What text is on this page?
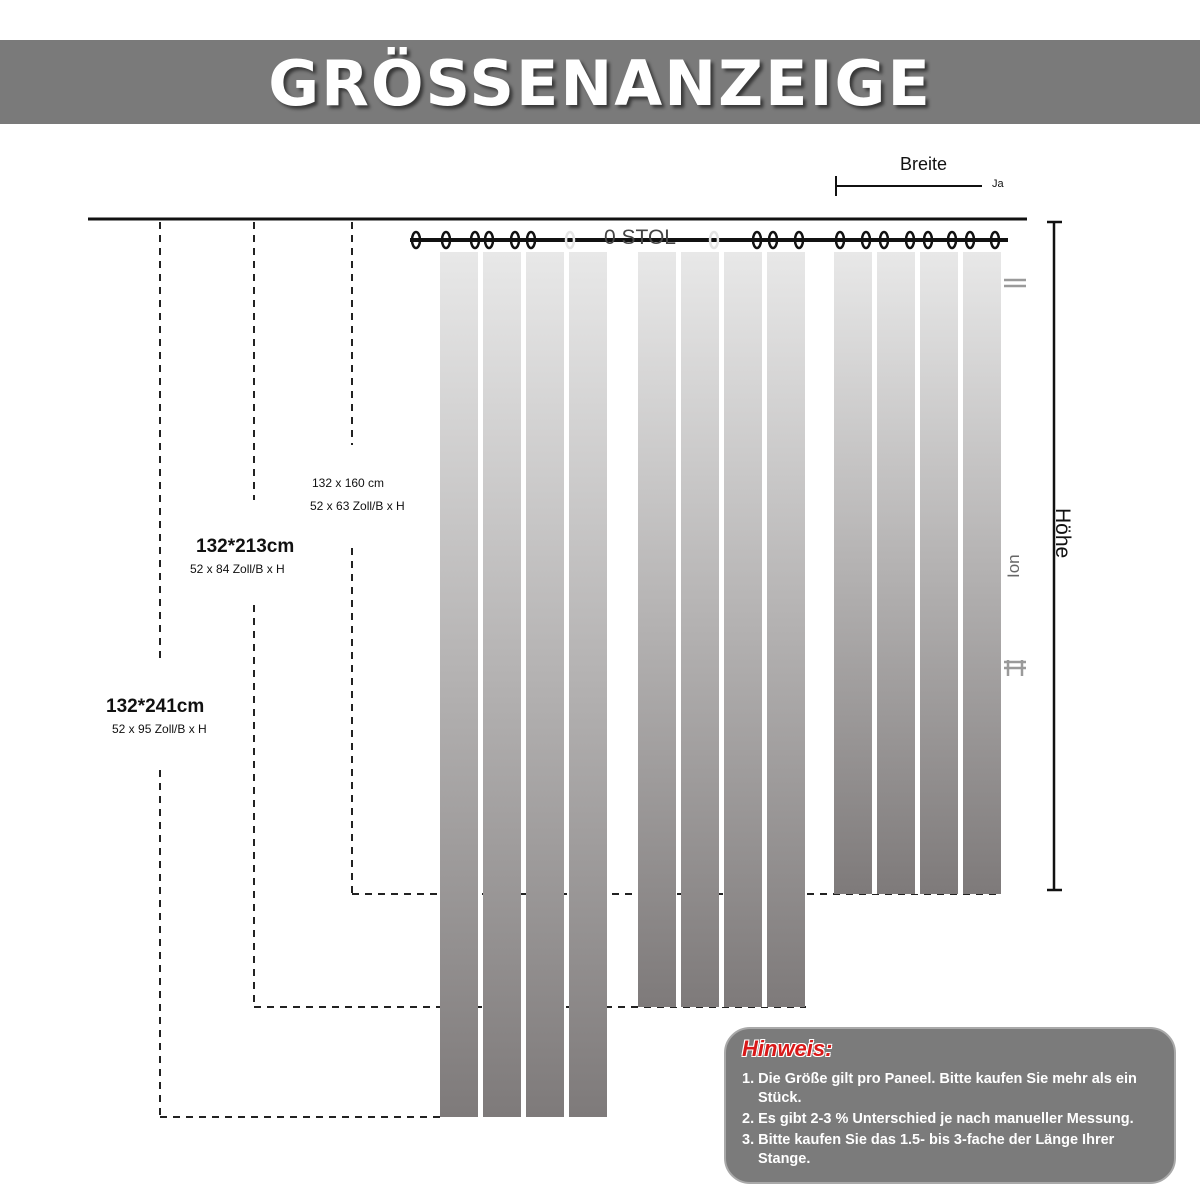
GRÖSSENANZEIGE
0 STOL
Breite
Ja
Höhe
Ion
132 x 160 cm
52 x 63 Zoll/B x H
132*213cm
52 x 84 Zoll/B x H
132*241cm
52 x 95 Zoll/B x H
Hinweis:
1. Die Größe gilt pro Paneel. Bitte kaufen Sie mehr als ein Stück.
2. Es gibt 2-3 % Unterschied je nach manueller Messung.
3. Bitte kaufen Sie das 1.5- bis 3-fache der Länge Ihrer Stange.
